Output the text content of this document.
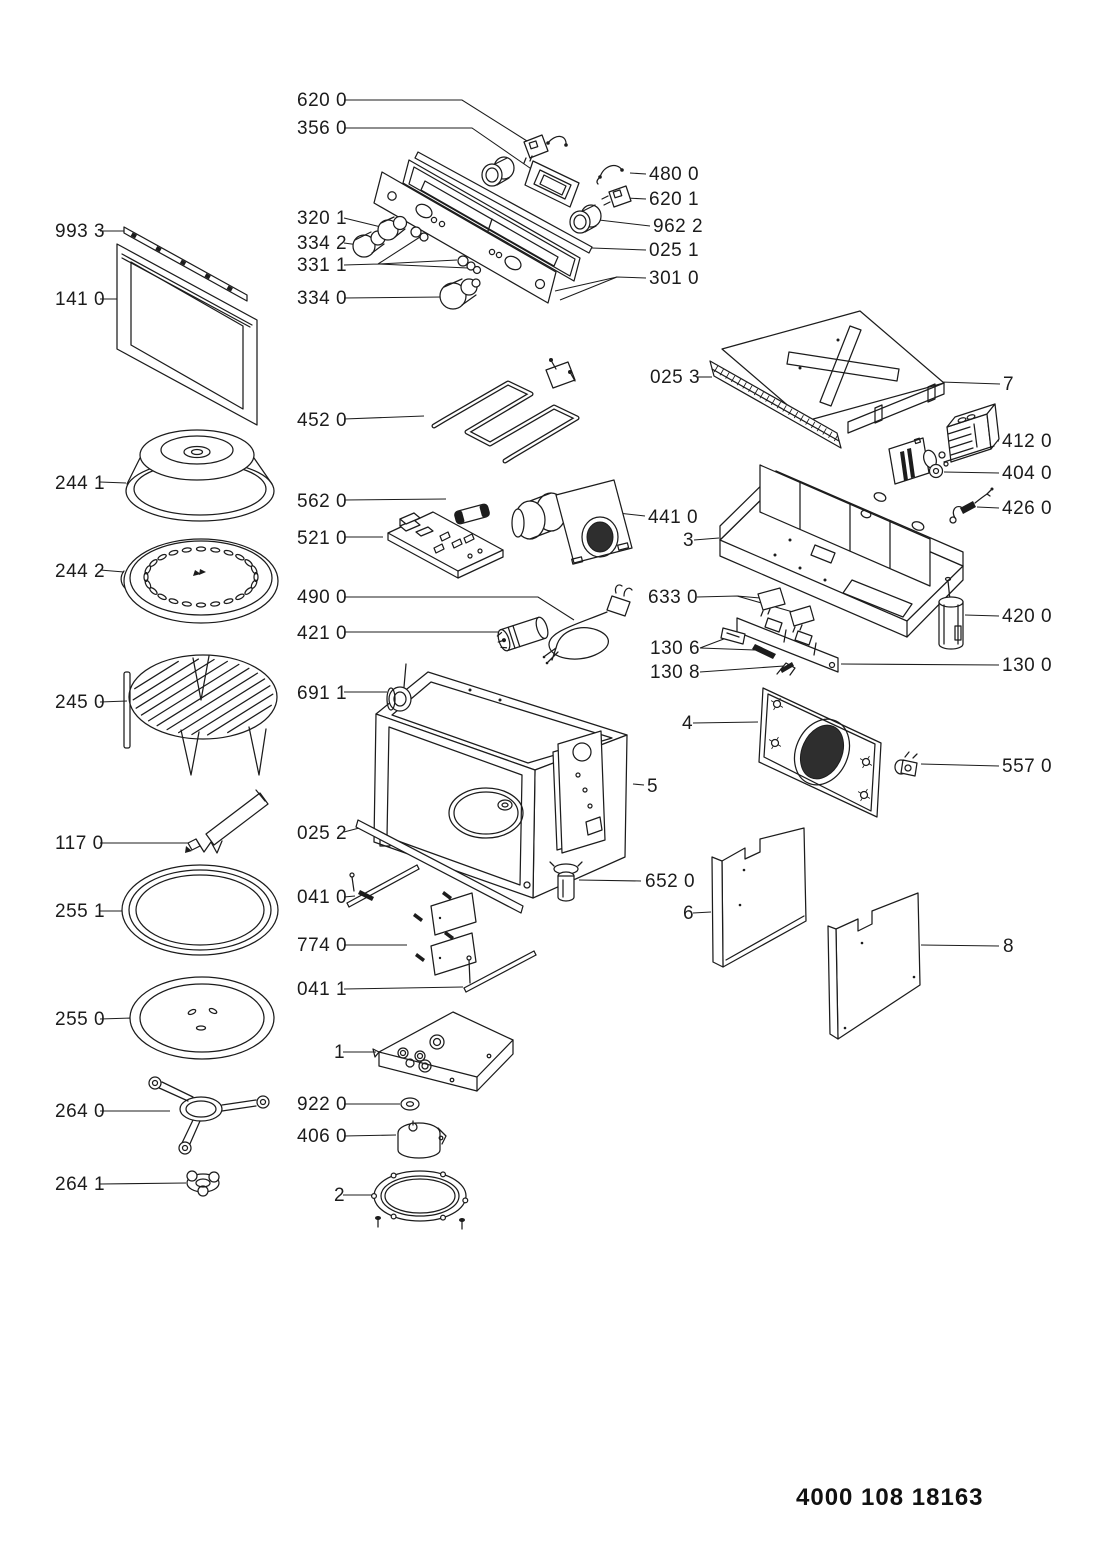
620 0
356 0
993 3
141 0
320 1
334 2
331 1
334 0
480 0
620 1
962 2
025 1
301 0
244 1
244 2
452 0
025 3	7
412 0
404 0
426 0
562 0
521 0
441 0
3
490 0
421 0
633 0
420 0
130 6
130 0
130 8
245 0	691 1
4
5
557 0
117 0	025 2
255 1
041 0
652 0
774 0
6
041 1
255 0
8
1
264 0	922 0
406 0
264 1
2
4000 108 18163
